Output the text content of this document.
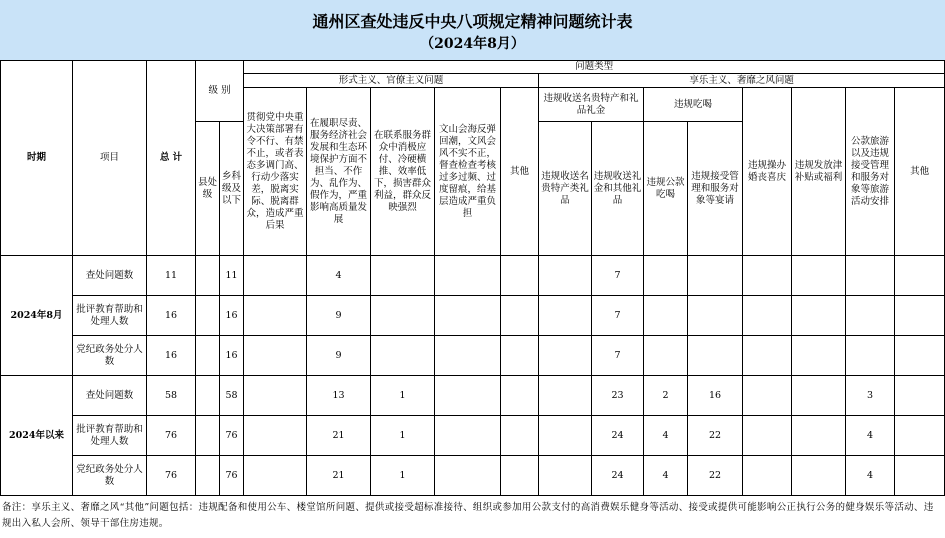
通州区查处违反中央八项规定精神问题统计表
（2024年8月）
时期	项目	总 计	级 别		问题类型												
					形式主义、官僚主义问题					享乐主义、奢靡之风问题							
					贯彻党中央重大决策部署有令不行、有禁不止，或者表态多调门高、行动少落实差，脱离实际、脱离群众，造成严重后果	在履职尽责、服务经济社会发展和生态环境保护方面不担当、不作为、乱作为、假作为，严重影响高质量发展	在联系服务群众中消极应付、冷硬横推、效率低下，损害群众利益，群众反映强烈	文山会海反弹回潮，文风会风不实不正，督查检查考核过多过频、过度留痕，给基层造成严重负担	其他	违规收送名贵特产和礼品礼金		违规吃喝		违规操办婚丧喜庆	违规发放津补贴或福利	公款旅游以及违规接受管理和服务对象等旅游活动安排	其他
			县处级	乡科级及以下						违规收送名贵特产类礼品	违规收送礼金和其他礼品	违规公款吃喝	违规接受管理和服务对象等宴请				
2024年8月	查处问题数	11		11		4					7						
	批评教育帮助和处理人数	16		16		9					7						
	党纪政务处分人数	16		16		9					7						
2024年以来	查处问题数	58		58		13	1				23	2	16			3	
	批评教育帮助和处理人数	76		76		21	1				24	4	22			4	
	党纪政务处分人数	76		76		21	1				24	4	22			4	
备注：享乐主义、奢靡之风“其他”问题包括：违规配备和使用公车、楼堂馆所问题、提供或接受超标准接待、组织或参加用公款支付的高消费娱乐健身等活动、接受或提供可能影响公正执行公务的健身娱乐等活动、违规出入私人会所、领导干部住房违规。
